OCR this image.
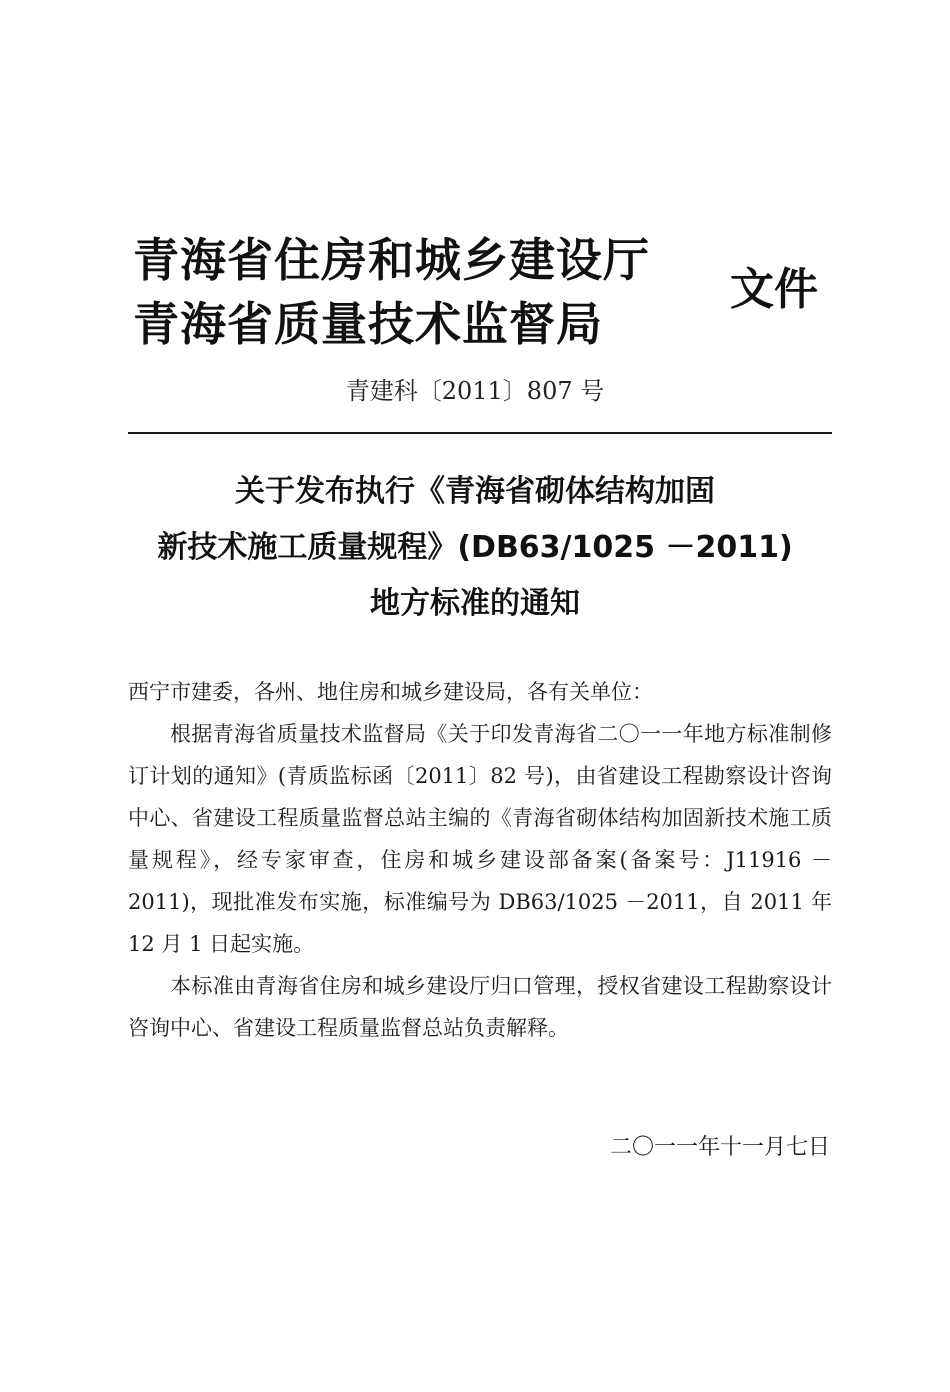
青海省住房和城乡建设厅
青海省质量技术监督局
文件
青建科〔2011〕807 号
关于发布执行《青海省砌体结构加固
新技术施工质量规程》(DB63/1025 －2011)
地方标准的通知

西宁市建委，各州、地住房和城乡建设局，各有关单位：

根据青海省质量技术监督局《关于印发青海省二〇一一年地方标准制修订计划的通知》(青质监标函〔2011〕82 号)，由省建设工程勘察设计咨询中心、省建设工程质量监督总站主编的《青海省砌体结构加固新技术施工质量规程》，经专家审查，住房和城乡建设部备案(备案号：J11916 －2011)，现批准发布实施，标准编号为 DB63/1025 －2011，自 2011 年 12 月 1 日起实施。

本标准由青海省住房和城乡建设厅归口管理，授权省建设工程勘察设计咨询中心、省建设工程质量监督总站负责解释。

二〇一一年十一月七日
